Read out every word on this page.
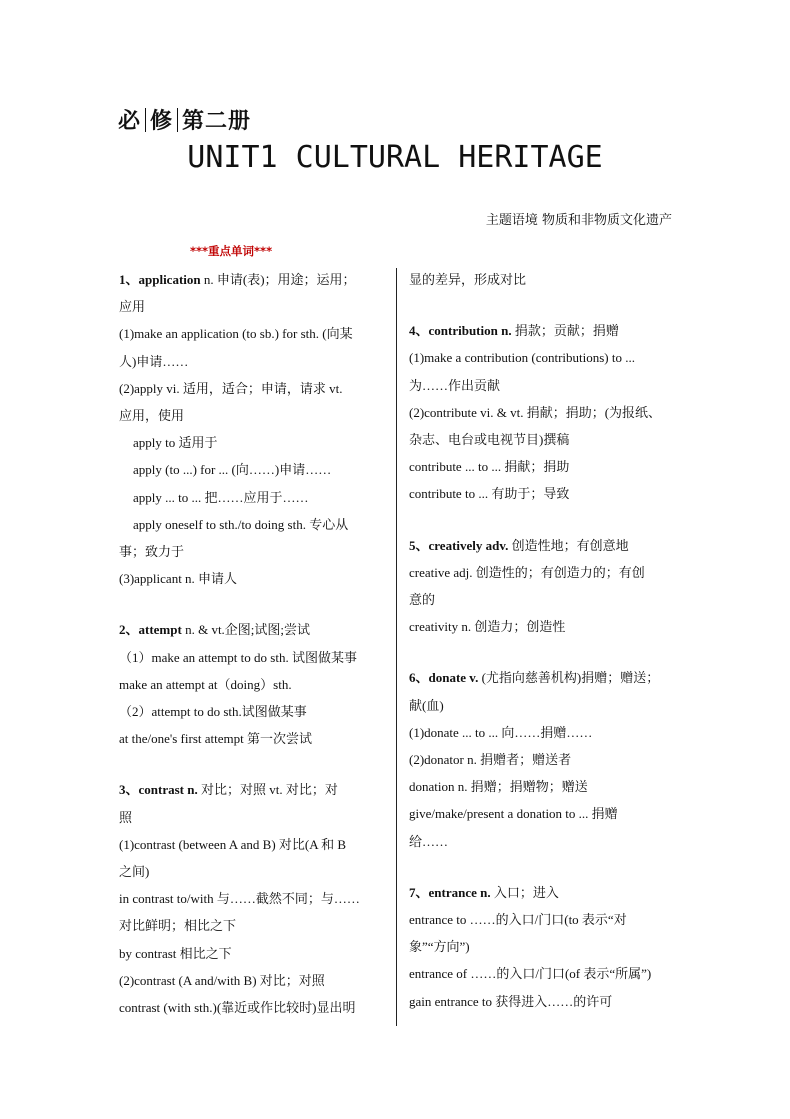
必 修 第二册
UNIT1 CULTURAL HERITAGE
主题语境 物质和非物质文化遗产
***重点单词***
1、application n. 申请(表)；用途；运用；
应用
(1)make an application (to sb.) for sth. (向某
人)申请……
(2)apply vi. 适用，适合；申请，请求 vt.
应用，使用
apply to 适用于
apply (to ...) for ... (向……)申请……
apply ... to ... 把……应用于……
apply oneself to sth./to doing sth. 专心从
事；致力于
(3)applicant n. 申请人
2、attempt n. & vt.企图;试图;尝试
（1）make an attempt to do sth. 试图做某事
make an attempt at（doing）sth.
（2）attempt to do sth.试图做某事
at the/one's first attempt 第一次尝试
3、contrast n. 对比；对照 vt. 对比；对
照
(1)contrast (between A and B) 对比(A 和 B
之间)
in contrast to/with 与……截然不同；与……
对比鲜明；相比之下
by contrast 相比之下
(2)contrast (A and/with B) 对比；对照
contrast (with sth.)(靠近或作比较时)显出明
显的差异，形成对比
4、contribution n. 捐款；贡献；捐赠
(1)make a contribution (contributions) to ...
为……作出贡献
(2)contribute vi. & vt. 捐献；捐助；(为报纸、
杂志、电台或电视节目)撰稿
contribute ... to ... 捐献；捐助
contribute to ... 有助于；导致
5、creatively adv. 创造性地；有创意地
creative adj. 创造性的；有创造力的；有创
意的
creativity n. 创造力；创造性
6、donate v. (尤指向慈善机构)捐赠；赠送；
献(血)
(1)donate ... to ... 向……捐赠……
(2)donator n. 捐赠者；赠送者
donation n. 捐赠；捐赠物；赠送
give/make/present a donation to ... 捐赠
给……
7、entrance n. 入口；进入
entrance to ……的入口/门口(to 表示“对
象”“方向”)
entrance of ……的入口/门口(of 表示“所属”)
gain entrance to 获得进入……的许可
